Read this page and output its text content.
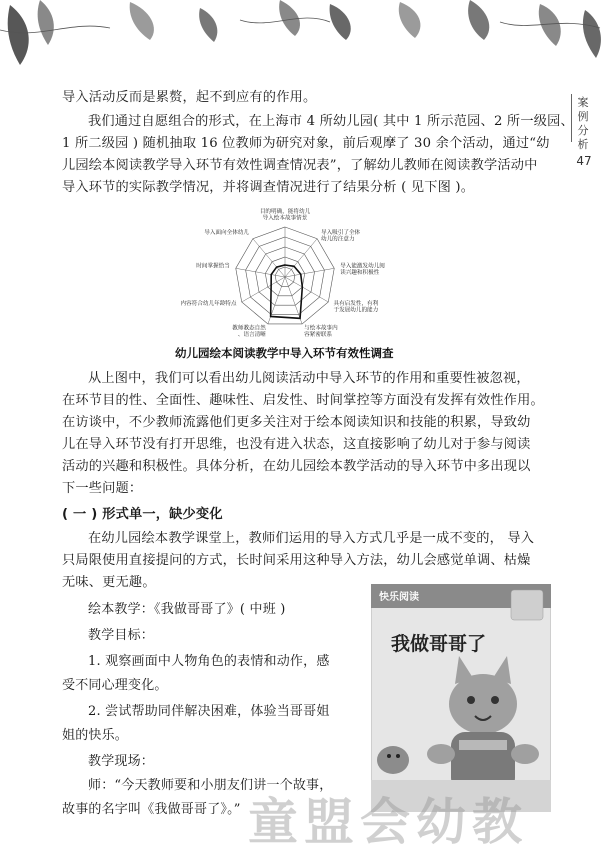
案例分析
47
导入活动反而是累赘，起不到应有的作用。
我们通过自愿组合的形式，在上海市 4 所幼儿园( 其中 1 所示范园、2 所一级园、
1 所二级园 ) 随机抽取 16 位教师为研究对象，前后观摩了 30 余个活动，通过“幼
儿园绘本阅读教学导入环节有效性调查情况表”，了解幼儿教师在阅读教学活动中
导入环节的实际教学情况，并将调查情况进行了结果分析 ( 见下图 )。
目的明确，能将幼儿导入绘本故事情景
导入吸引了全体幼儿的注意力
导入能激发幼儿阅读兴趣和积极性
具有启发性，有利于发展幼儿的能力
与绘本故事内容紧密联系
教师教态自然、语言清晰
内容符合幼儿年龄特点
时间掌握恰当
导入面向全体幼儿
幼儿园绘本阅读教学中导入环节有效性调查
从上图中，我们可以看出幼儿阅读活动中导入环节的作用和重要性被忽视，
在环节目的性、全面性、趣味性、启发性、时间掌控等方面没有发挥有效性作用。
在访谈中，不少教师流露他们更多关注对于绘本阅读知识和技能的积累，导致幼
儿在导入环节没有打开思维，也没有进入状态，这直接影响了幼儿对于参与阅读
活动的兴趣和积极性。具体分析，在幼儿园绘本教学活动的导入环节中多出现以
下一些问题：
( 一 ) 形式单一，缺少变化
在幼儿园绘本教学课堂上，教师们运用的导入方式几乎是一成不变的， 导入
只局限使用直接提问的方式，长时间采用这种导入方法，幼儿会感觉单调、枯燥
无味、更无趣。
绘本教学：《我做哥哥了》( 中班 )
教学目标：
1. 观察画面中人物角色的表情和动作，感
受不同心理变化。
2. 尝试帮助同伴解决困难，体验当哥哥姐
姐的快乐。
教学现场：
师：“今天教师要和小朋友们讲一个故事，
故事的名字叫《我做哥哥了》。”
快乐阅读
我做哥哥了
童盟会幼教
